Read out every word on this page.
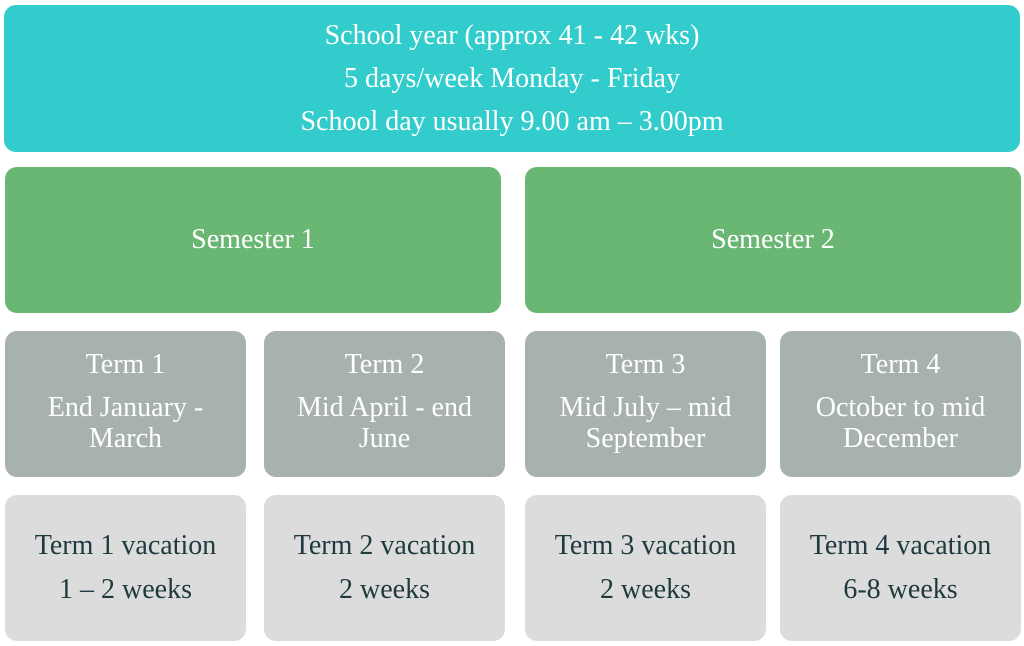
School year (approx 41 - 42 wks)
5 days/week Monday - Friday
School day usually 9.00 am – 3.00pm
Semester 1	Semester 2
Term 1
End January -
March
Term 2
Mid April - end
June
Term 3
Mid July – mid
September
Term 4
October to mid
December
Term 1 vacation
1 – 2 weeks
Term 2 vacation
2 weeks
Term 3 vacation
2 weeks
Term 4 vacation
6-8 weeks
